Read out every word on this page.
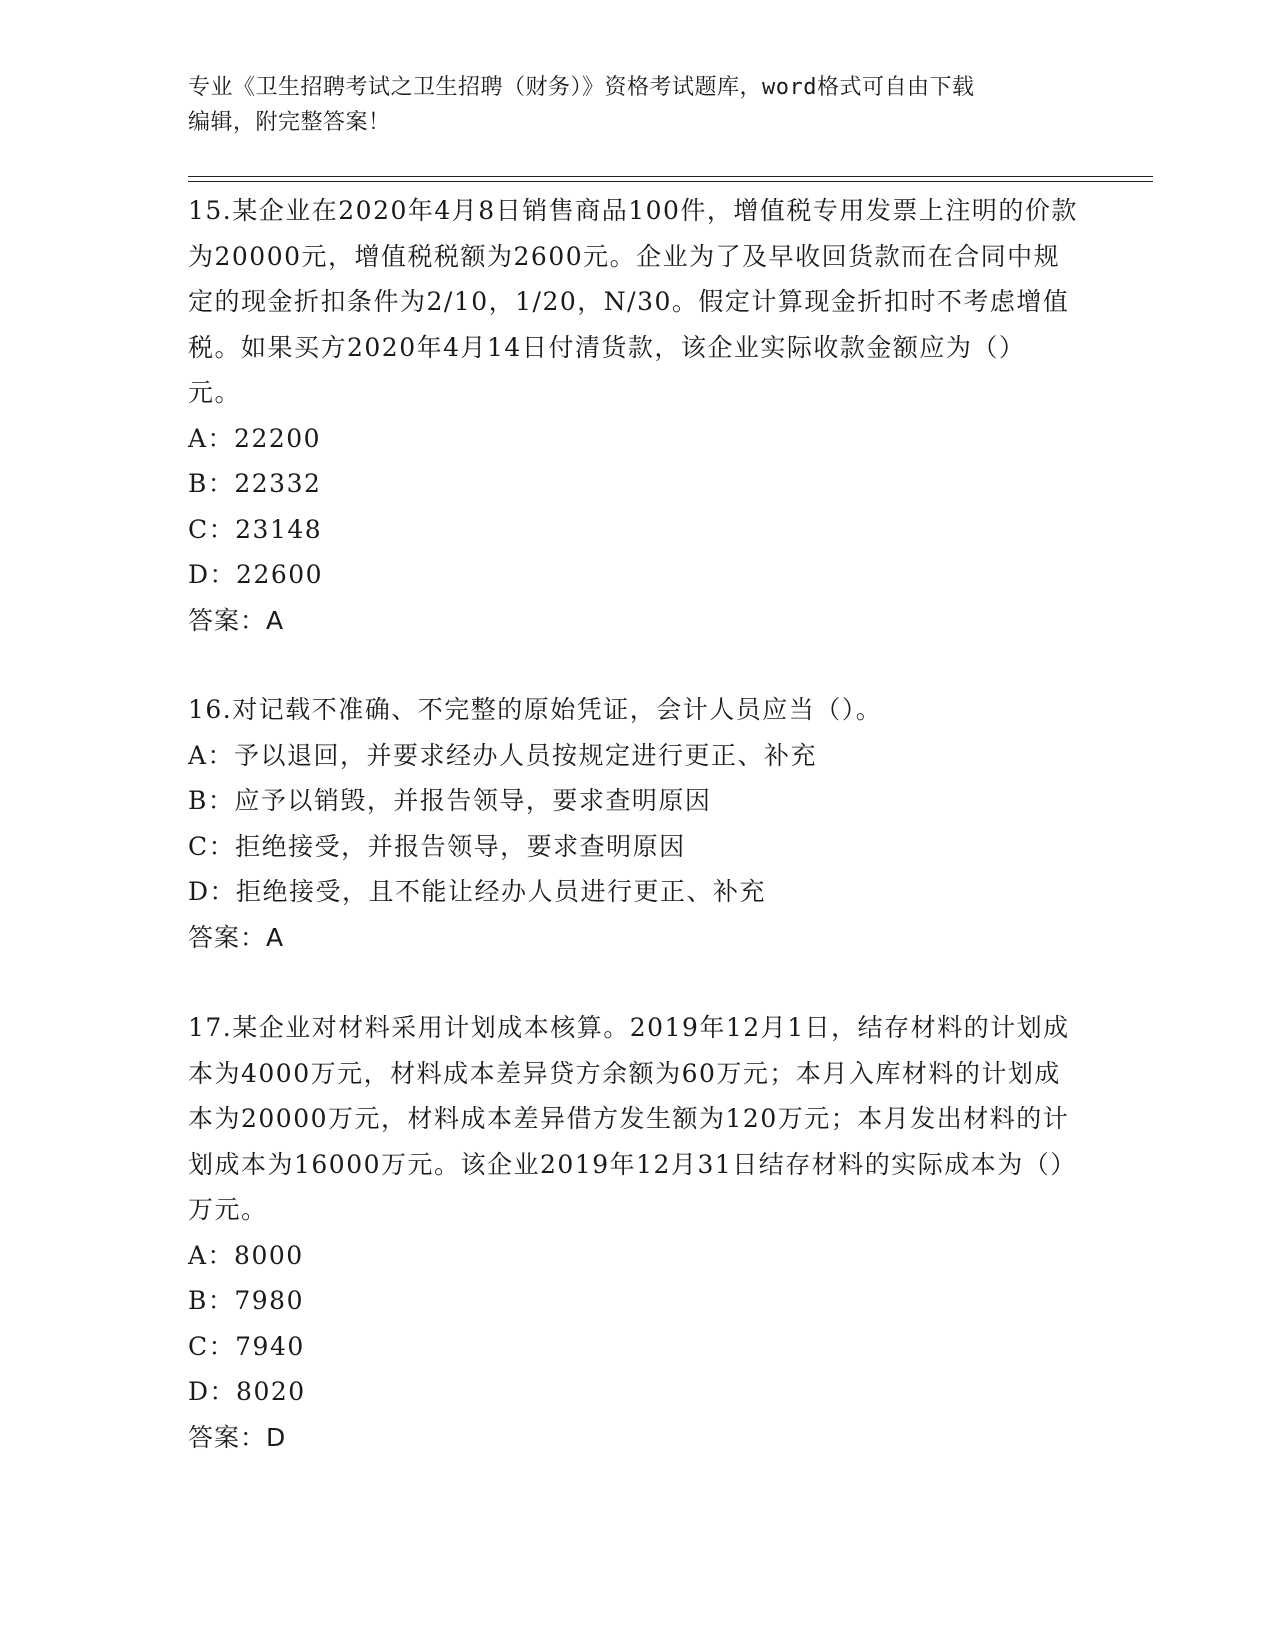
专业《卫生招聘考试之卫生招聘（财务）》资格考试题库，word格式可自由下载
编辑，附完整答案！
15.某企业在2020年4月8日销售商品100件，增值税专用发票上注明的价款为20000元，增值税税额为2600元。企业为了及早收回货款而在合同中规定的现金折扣条件为2/10，1/20，N/30。假定计算现金折扣时不考虑增值税。如果买方2020年4月14日付清货款，该企业实际收款金额应为（）元。
A：22200
B：22332
C：23148
D：22600
答案：A
16.对记载不准确、不完整的原始凭证，会计人员应当（）。
A：予以退回，并要求经办人员按规定进行更正、补充
B：应予以销毁，并报告领导，要求查明原因
C：拒绝接受，并报告领导，要求查明原因
D：拒绝接受，且不能让经办人员进行更正、补充
答案：A
17.某企业对材料采用计划成本核算。2019年12月1日，结存材料的计划成本为4000万元，材料成本差异贷方余额为60万元；本月入库材料的计划成本为20000万元，材料成本差异借方发生额为120万元；本月发出材料的计划成本为16000万元。该企业2019年12月31日结存材料的实际成本为（）万元。
A：8000
B：7980
C：7940
D：8020
答案：D
